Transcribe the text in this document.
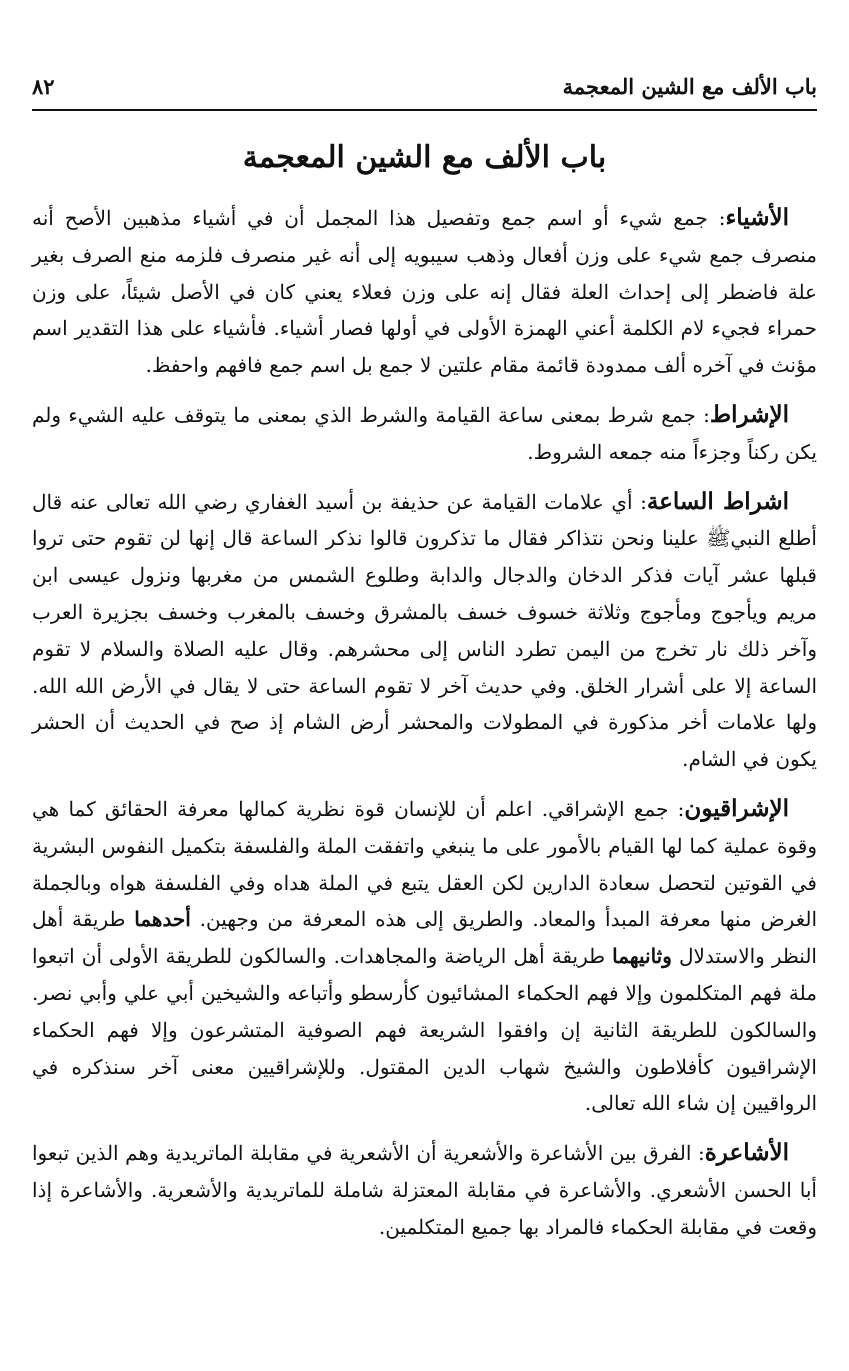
باب الألف مع الشين المعجمة
٨٢
باب الألف مع الشين المعجمة

الأشياء: جمع شيء أو اسم جمع وتفصيل هذا المجمل أن في أشياء مذهبين الأصح أنه منصرف جمع شيء على وزن أفعال وذهب سيبويه إلى أنه غير منصرف فلزمه منع الصرف بغير علة فاضطر إلى إحداث العلة فقال إنه على وزن فعلاء يعني كان في الأصل شيئاً، على وزن حمراء فجيء لام الكلمة أعني الهمزة الأولى في أولها فصار أشياء. فأشياء على هذا التقدير اسم مؤنث في آخره ألف ممدودة قائمة مقام علتين لا جمع بل اسم جمع فافهم واحفظ.

الإشراط: جمع شرط بمعنى ساعة القيامة والشرط الذي بمعنى ما يتوقف عليه الشيء ولم يكن ركناً وجزءاً منه جمعه الشروط.

اشراط الساعة: أي علامات القيامة عن حذيفة بن أسيد الغفاري رضي الله تعالى عنه قال أطلع النبيﷺ علينا ونحن نتذاكر فقال ما تذكرون قالوا نذكر الساعة قال إنها لن تقوم حتى تروا قبلها عشر آيات فذكر الدخان والدجال والدابة وطلوع الشمس من مغربها ونزول عيسى ابن مريم ويأجوج ومأجوج وثلاثة خسوف خسف بالمشرق وخسف بالمغرب وخسف بجزيرة العرب وآخر ذلك نار تخرج من اليمن تطرد الناس إلى محشرهم. وقال عليه الصلاة والسلام لا تقوم الساعة إلا على أشرار الخلق. وفي حديث آخر لا تقوم الساعة حتى لا يقال في الأرض الله الله. ولها علامات أخر مذكورة في المطولات والمحشر أرض الشام إذ صح في الحديث أن الحشر يكون في الشام.

الإشراقيون: جمع الإشراقي. اعلم أن للإنسان قوة نظرية كمالها معرفة الحقائق كما هي وقوة عملية كما لها القيام بالأمور على ما ينبغي واتفقت الملة والفلسفة بتكميل النفوس البشرية في القوتين لتحصل سعادة الدارين لكن العقل يتبع في الملة هداه وفي الفلسفة هواه وبالجملة الغرض منها معرفة المبدأ والمعاد. والطريق إلى هذه المعرفة من وجهين. أحدهما طريقة أهل النظر والاستدلال وثانيهما طريقة أهل الرياضة والمجاهدات. والسالكون للطريقة الأولى أن اتبعوا ملة فهم المتكلمون وإلا فهم الحكماء المشائيون كأرسطو وأتباعه والشيخين أبي علي وأبي نصر. والسالكون للطريقة الثانية إن وافقوا الشريعة فهم الصوفية المتشرعون وإلا فهم الحكماء الإشراقيون كأفلاطون والشيخ شهاب الدين المقتول. وللإشراقيين معنى آخر سنذكره في الرواقيين إن شاء الله تعالى.

الأشاعرة: الفرق بين الأشاعرة والأشعرية أن الأشعرية في مقابلة الماتريدية وهم الذين تبعوا أبا الحسن الأشعري. والأشاعرة في مقابلة المعتزلة شاملة للماتريدية والأشعرية. والأشاعرة إذا وقعت في مقابلة الحكماء فالمراد بها جميع المتكلمين.
